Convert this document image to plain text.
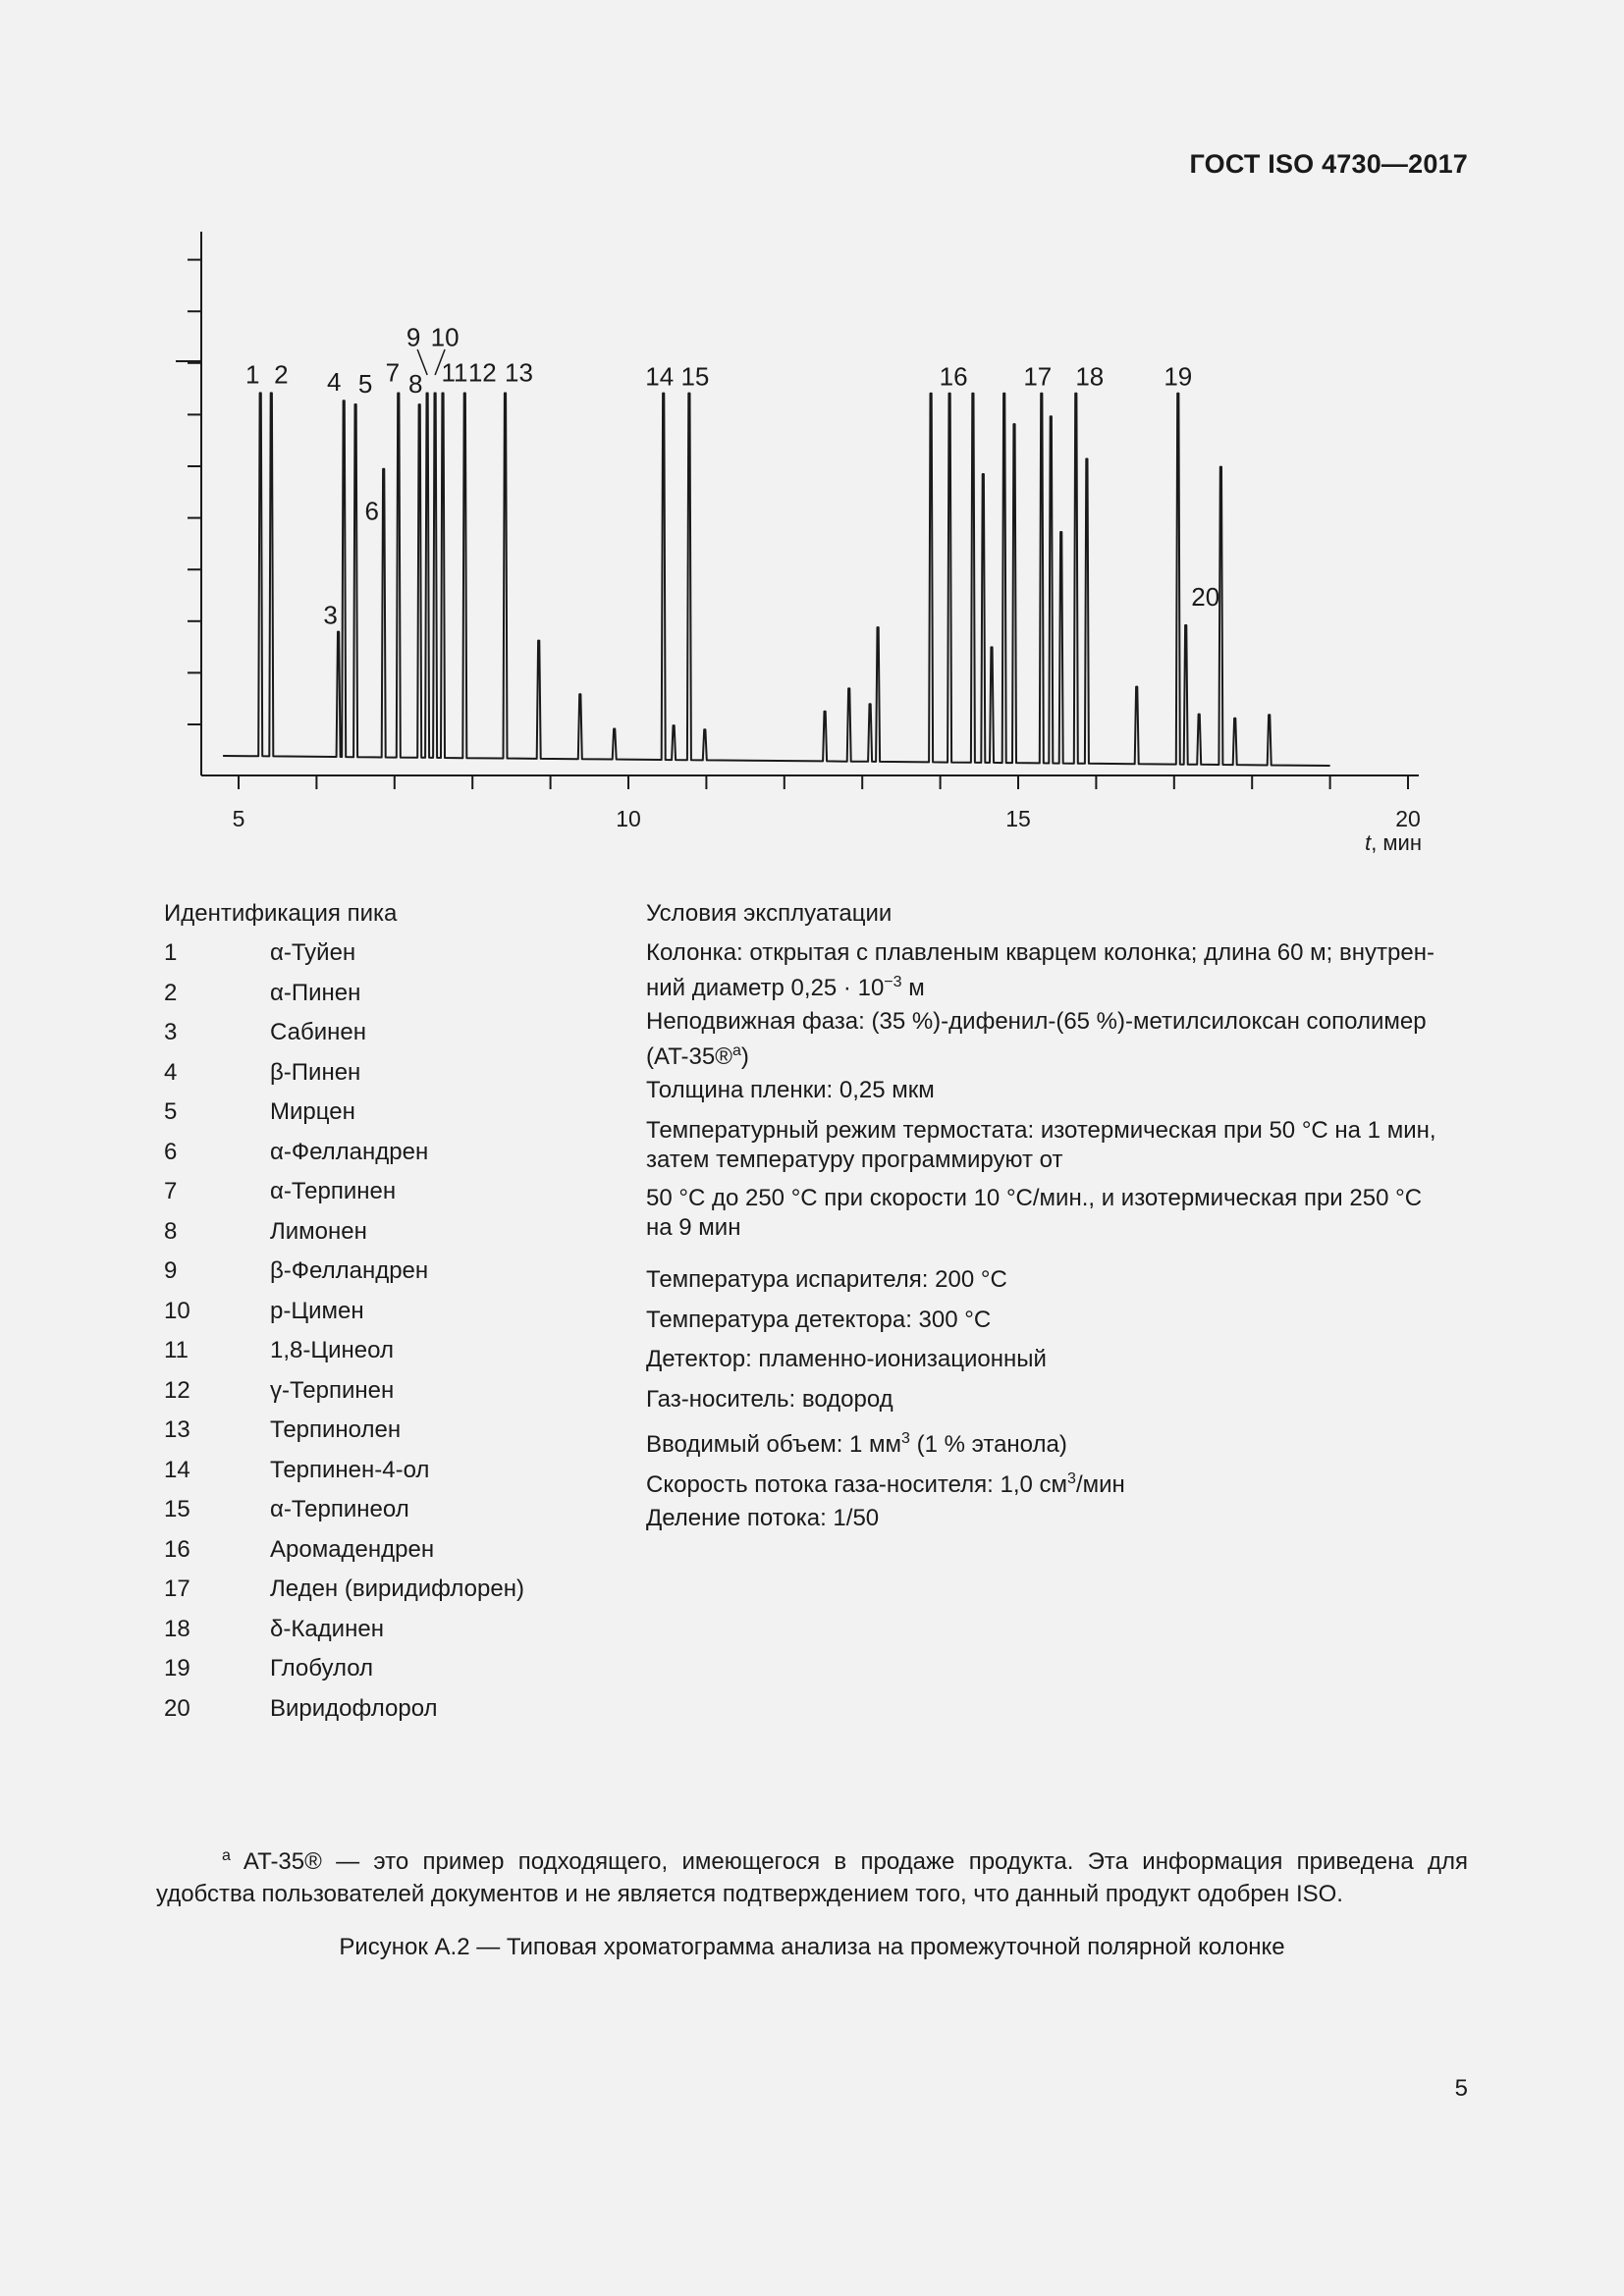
ГОСТ ISO 4730—2017
1 2
3
4 5
6
7 8
9 10
11 12 13	14 15	16 17 18 19
20
5	10	15	20
t, мин
Идентификация пика
1	α-Туйен
2	α-Пинен
3	Сабинен
4	β-Пинен
5	Мирцен
6	α-Фелландрен
7	α-Терпинен
8	Лимонен
9	β-Фелландрен
10	p-Цимен
11	1,8-Цинеол
12	γ-Терпинен
13	Терпинолен
14	Терпинен-4-ол
15	α-Терпинеол
16	Аромадендрен
17	Леден (виридифлорен)
18	δ-Кадинен
19	Глобулол
20	Виридофлорол
Условия эксплуатации
Колонка: открытая с плавленым кварцем колонка; длина 60 м; внутрен-
ний диаметр $0,25 \cdot 10^{-3}$ м
Неподвижная фаза: (35 %)-дифенил-(65 %)-метилсилоксан сополимер
(AT-35®$^a$)
Толщина пленки: 0,25 мкм
Температурный режим термостата: изотермическая при 50 °C на 1 мин,
затем температуру программируют от
50 °C до 250 °C при скорости 10 °C/мин., и изотермическая при 250 °C
на 9 мин
Температура испарителя: 200 °C
Температура детектора: 300 °C
Детектор: пламенно-ионизационный
Газ-носитель: водород
Вводимый объем: 1 $мм^3$ (1 % этанола)
Скорость потока газа-носителя: 1,0 $см^3$/мин
Деление потока: 1/50
$^a$ AT-35® — это пример подходящего, имеющегося в продаже продукта. Эта информация приведена для удобства пользователей документов и не является подтверждением того, что данный продукт одобрен ISO.
Рисунок А.2 — Типовая хроматограмма анализа на промежуточной полярной колонке
5
